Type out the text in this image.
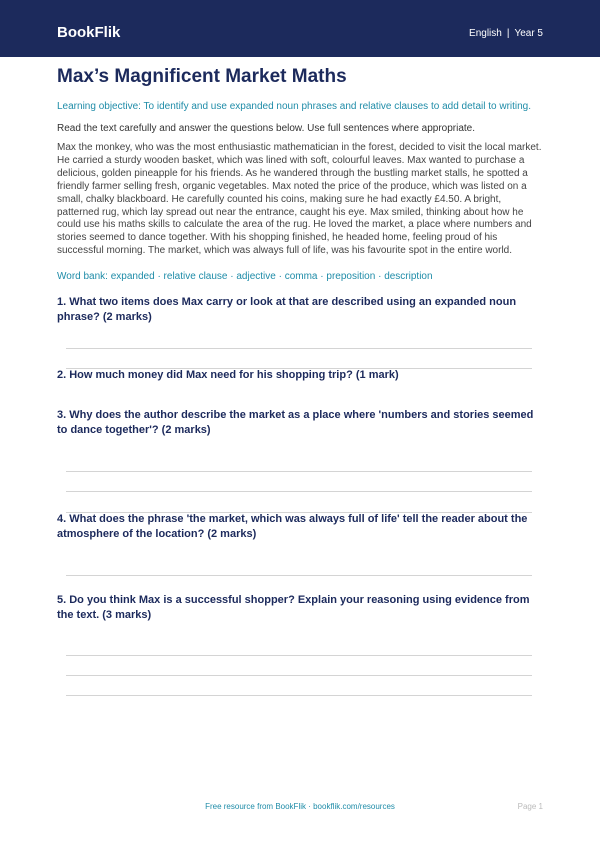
BookFlik	English | Year 5
Max’s Magnificent Market Maths
Learning objective: To identify and use expanded noun phrases and relative clauses to add detail to writing.
Read the text carefully and answer the questions below. Use full sentences where appropriate.
Max the monkey, who was the most enthusiastic mathematician in the forest, decided to visit the local market. He carried a sturdy wooden basket, which was lined with soft, colourful leaves. Max wanted to purchase a delicious, golden pineapple for his friends. As he wandered through the bustling market stalls, he spotted a friendly farmer selling fresh, organic vegetables. Max noted the price of the produce, which was listed on a small, chalky blackboard. He carefully counted his coins, making sure he had exactly £4.50. A bright, patterned rug, which lay spread out near the entrance, caught his eye. Max smiled, thinking about how he could use his maths skills to calculate the area of the rug. He loved the market, a place where numbers and stories seemed to dance together. With his shopping finished, he headed home, feeling proud of his successful morning. The market, which was always full of life, was his favourite spot in the entire world.
Word bank: expanded · relative clause · adjective · comma · preposition · description
1. What two items does Max carry or look at that are described using an expanded noun phrase? (2 marks)
2. How much money did Max need for his shopping trip? (1 mark)
3. Why does the author describe the market as a place where 'numbers and stories seemed to dance together'? (2 marks)
4. What does the phrase 'the market, which was always full of life' tell the reader about the atmosphere of the location? (2 marks)
5. Do you think Max is a successful shopper? Explain your reasoning using evidence from the text. (3 marks)
Free resource from BookFlik · bookflik.com/resources	Page 1
